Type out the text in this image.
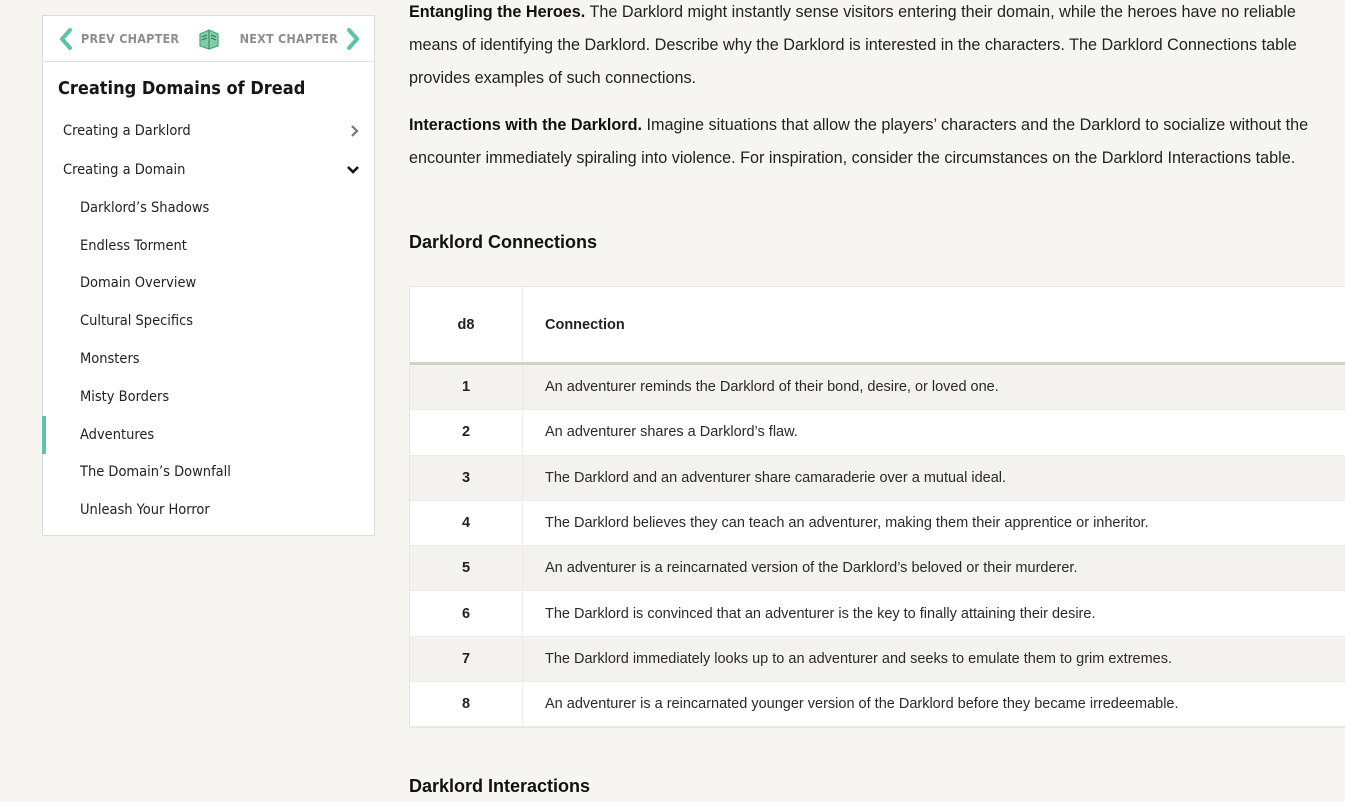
PREV CHAPTER	NEXT CHAPTER
Creating Domains of Dread
Creating a Darklord
Creating a Domain
Darklord’s Shadows
Endless Torment
Domain Overview
Cultural Specifics
Monsters
Misty Borders
Adventures
The Domain’s Downfall
Unleash Your Horror

Entangling the Heroes. The Darklord might instantly sense visitors entering their domain, while the heroes have no reliable means of identifying the Darklord. Describe why the Darklord is interested in the characters. The Darklord Connections table provides examples of such connections.

Interactions with the Darklord. Imagine situations that allow the players’ characters and the Darklord to socialize without the encounter immediately spiraling into violence. For inspiration, consider the circumstances on the Darklord Interactions table.

Darklord Connections
d8	Connection
1	An adventurer reminds the Darklord of their bond, desire, or loved one.
2	An adventurer shares a Darklord’s flaw.
3	The Darklord and an adventurer share camaraderie over a mutual ideal.
4	The Darklord believes they can teach an adventurer, making them their apprentice or inheritor.
5	An adventurer is a reincarnated version of the Darklord’s beloved or their murderer.
6	The Darklord is convinced that an adventurer is the key to finally attaining their desire.
7	The Darklord immediately looks up to an adventurer and seeks to emulate them to grim extremes.
8	An adventurer is a reincarnated younger version of the Darklord before they became irredeemable.
Darklord Interactions
